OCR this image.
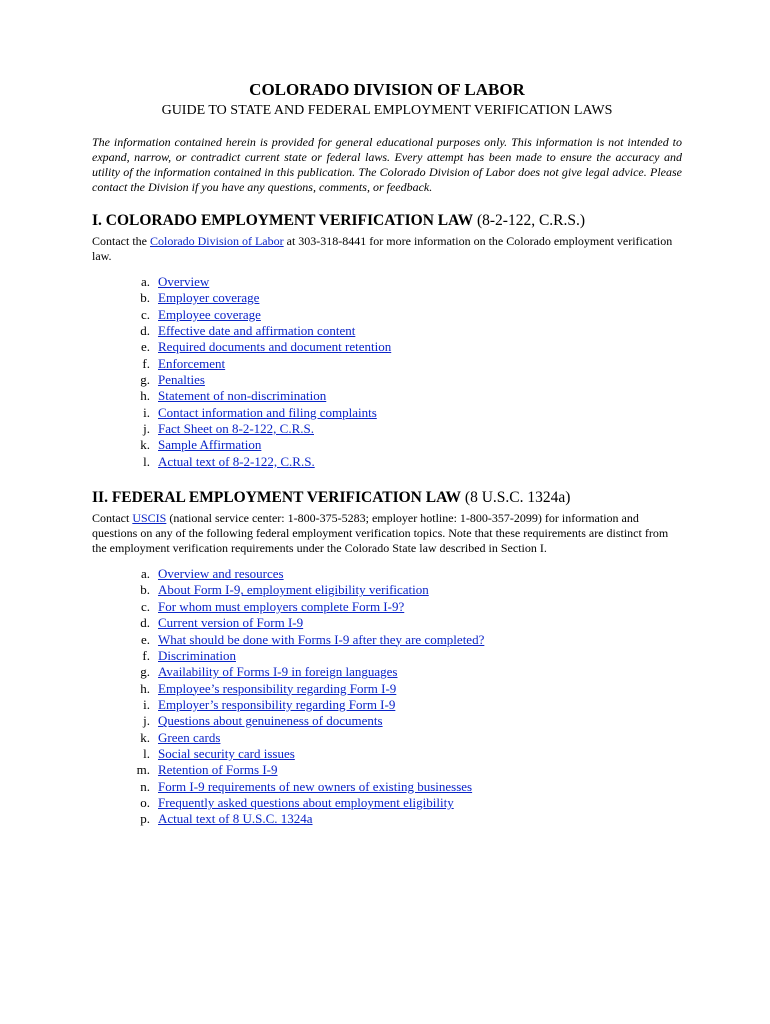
COLORADO DIVISION OF LABOR
GUIDE TO STATE AND FEDERAL EMPLOYMENT VERIFICATION LAWS

The information contained herein is provided for general educational purposes only. This information is not intended to expand, narrow, or contradict current state or federal laws. Every attempt has been made to ensure the accuracy and utility of the information contained in this publication. The Colorado Division of Labor does not give legal advice. Please contact the Division if you have any questions, comments, or feedback.

I. COLORADO EMPLOYMENT VERIFICATION LAW (8-2-122, C.R.S.)

Contact the Colorado Division of Labor at 303-318-8441 for more information on the Colorado employment verification law.

a. Overview
b. Employer coverage
c. Employee coverage
d. Effective date and affirmation content
e. Required documents and document retention
f. Enforcement
g. Penalties
h. Statement of non-discrimination
i. Contact information and filing complaints
j. Fact Sheet on 8-2-122, C.R.S.
k. Sample Affirmation
l. Actual text of 8-2-122, C.R.S.
II. FEDERAL EMPLOYMENT VERIFICATION LAW (8 U.S.C. 1324a)

Contact USCIS (national service center: 1-800-375-5283; employer hotline: 1-800-357-2099) for information and questions on any of the following federal employment verification topics. Note that these requirements are distinct from the employment verification requirements under the Colorado State law described in Section I.

a. Overview and resources
b. About Form I-9, employment eligibility verification
c. For whom must employers complete Form I-9?
d. Current version of Form I-9
e. What should be done with Forms I-9 after they are completed?
f. Discrimination
g. Availability of Forms I-9 in foreign languages
h. Employee’s responsibility regarding Form I-9
i. Employer’s responsibility regarding Form I-9
j. Questions about genuineness of documents
k. Green cards
l. Social security card issues
m. Retention of Forms I-9
n. Form I-9 requirements of new owners of existing businesses
o. Frequently asked questions about employment eligibility
p. Actual text of 8 U.S.C. 1324a
